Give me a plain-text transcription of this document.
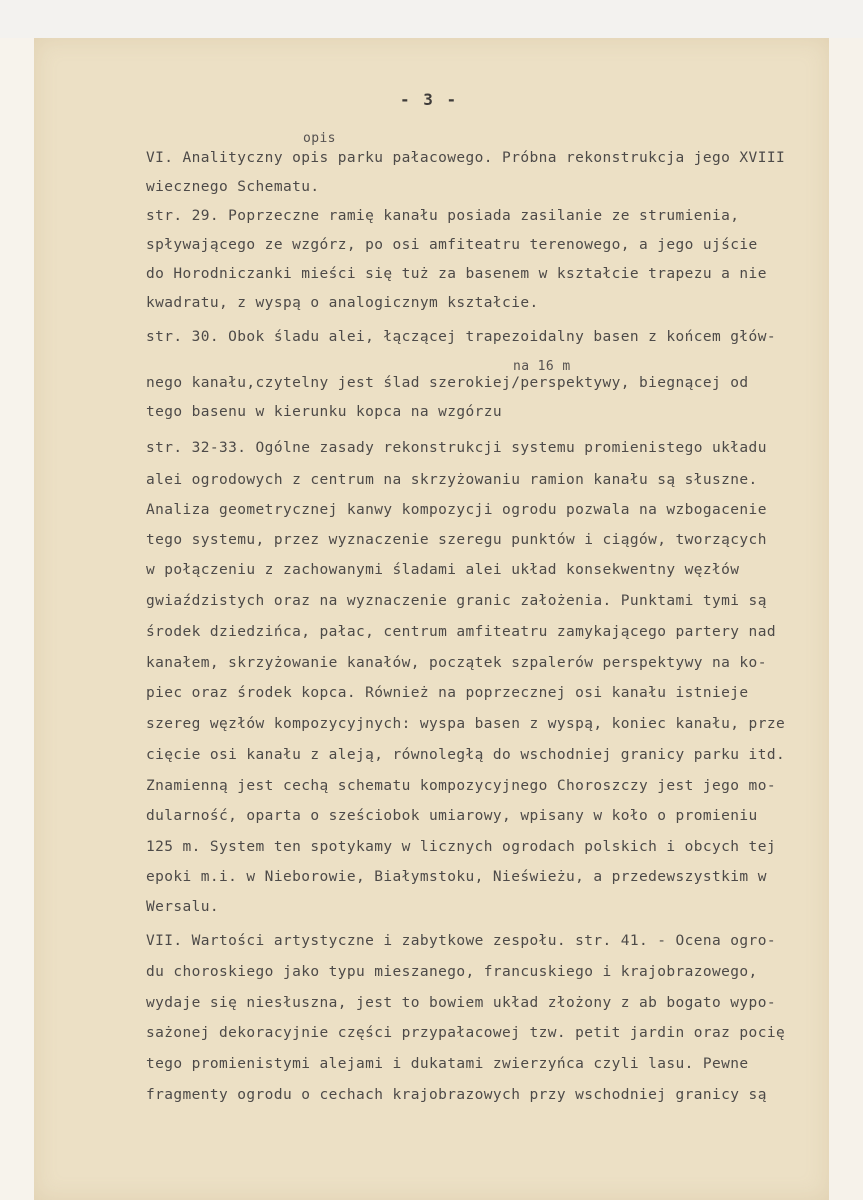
- 3 -
opis
na 16 m
VI. Analityczny opis parku pałacowego. Próbna rekonstrukcja jego XVIII
wiecznego Schematu.
str. 29. Poprzeczne ramię kanału posiada zasilanie ze strumienia,
spływającego ze wzgórz, po osi amfiteatru terenowego, a jego ujście
do Horodniczanki mieści się tuż za basenem w kształcie trapezu a nie
kwadratu, z wyspą o analogicznym kształcie.
str. 30. Obok śladu alei, łączącej trapezoidalny basen z końcem głów-
nego kanału,czytelny jest ślad szerokiej/perspektywy, biegnącej od
tego basenu w kierunku kopca na wzgórzu
str. 32-33. Ogólne zasady rekonstrukcji systemu promienistego układu
alei ogrodowych z centrum na skrzyżowaniu ramion kanału są słuszne.
Analiza geometrycznej kanwy kompozycji ogrodu pozwala na wzbogacenie
tego systemu, przez wyznaczenie szeregu punktów i ciągów, tworzących
w połączeniu z zachowanymi śladami alei układ konsekwentny węzłów
gwiaździstych oraz na wyznaczenie granic założenia. Punktami tymi są
środek dziedzińca, pałac, centrum amfiteatru zamykającego partery nad
kanałem, skrzyżowanie kanałów, początek szpalerów perspektywy na ko-
piec oraz środek kopca. Również na poprzecznej osi kanału istnieje
szereg węzłów kompozycyjnych: wyspa basen z wyspą, koniec kanału, prze
cięcie osi kanału z aleją, równoległą do wschodniej granicy parku itd.
Znamienną jest cechą schematu kompozycyjnego Choroszczy jest jego mo-
dularność, oparta o sześciobok umiarowy, wpisany w koło o promieniu
125 m. System ten spotykamy w licznych ogrodach polskich i obcych tej
epoki m.i. w Nieborowie, Białymstoku, Nieświeżu, a przedewszystkim w
Wersalu.
VII. Wartości artystyczne i zabytkowe zespołu. str. 41. - Ocena ogro-
du choroskiego jako typu mieszanego, francuskiego i krajobrazowego,
wydaje się niesłuszna, jest to bowiem układ złożony z ab bogato wypo-
sażonej dekoracyjnie części przypałacowej tzw. petit jardin oraz pocię
tego promienistymi alejami i dukatami zwierzyńca czyli lasu. Pewne
fragmenty ogrodu o cechach krajobrazowych przy wschodniej granicy są
